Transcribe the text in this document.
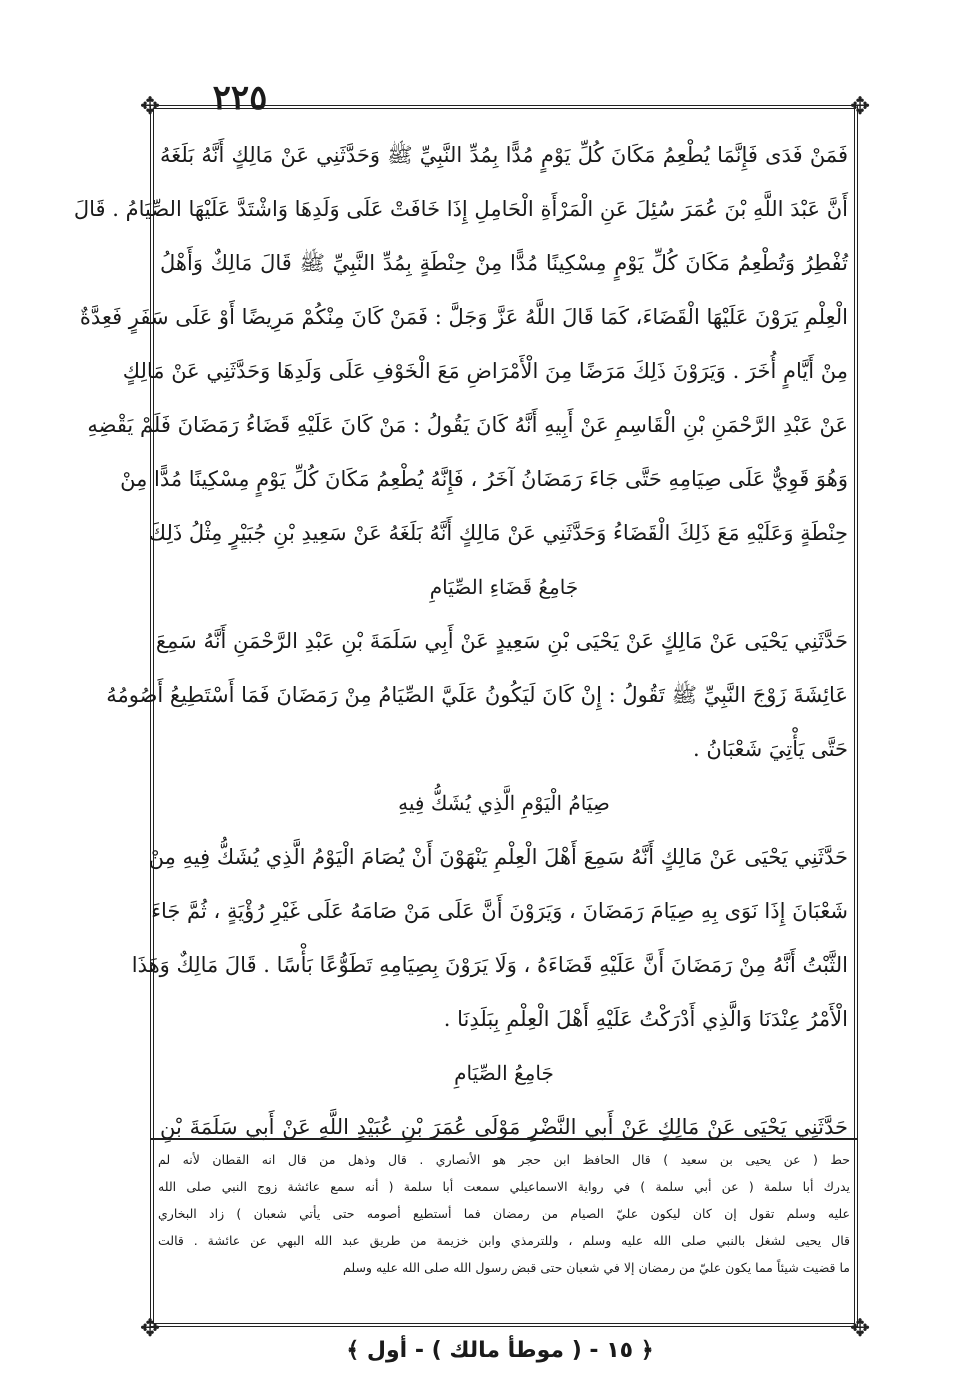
٢٢٥
✥	✥
✥	✥
فَمَنْ فَدَى فَإِنَّمَا يُطْعِمُ مَكَانَ كُلِّ يَوْمٍ مُدًّا بِمُدِّ النَّبِيِّ ﷺ وَحَدَّثَنِي عَنْ مَالِكٍ أَنَّهُ بَلَغَهُ
أَنَّ عَبْدَ اللَّهِ بْنَ عُمَرَ سُئِلَ عَنِ الْمَرْأَةِ الْحَامِلِ إِذَا خَافَتْ عَلَى وَلَدِهَا وَاشْتَدَّ عَلَيْهَا الصِّيَامُ . قَالَ
تُفْطِرُ وَتُطْعِمُ مَكَانَ كُلِّ يَوْمٍ مِسْكِينًا مُدًّا مِنْ حِنْطَةٍ بِمُدِّ النَّبِيِّ ﷺ قَالَ مَالِكٌ وَأَهْلُ
الْعِلْمِ يَرَوْنَ عَلَيْهَا الْقَضَاءَ، كَمَا قَالَ اللَّهُ عَزَّ وَجَلَّ : فَمَنْ كَانَ مِنْكُمْ مَرِيضًا أَوْ عَلَى سَفَرٍ فَعِدَّةٌ
مِنْ أَيَّامٍ أُخَرَ . وَيَرَوْنَ ذَلِكَ مَرَضًا مِنَ الْأَمْرَاضِ مَعَ الْخَوْفِ عَلَى وَلَدِهَا وَحَدَّثَنِي عَنْ مَالِكٍ
عَنْ عَبْدِ الرَّحْمَنِ بْنِ الْقَاسِمِ عَنْ أَبِيهِ أَنَّهُ كَانَ يَقُولُ : مَنْ كَانَ عَلَيْهِ قَضَاءُ رَمَضَانَ فَلَمْ يَقْضِهِ
وَهُوَ قَوِيٌّ عَلَى صِيَامِهِ حَتَّى جَاءَ رَمَضَانُ آخَرُ ، فَإِنَّهُ يُطْعِمُ مَكَانَ كُلِّ يَوْمٍ مِسْكِينًا مُدًّا مِنْ
حِنْطَةٍ وَعَلَيْهِ مَعَ ذَلِكَ الْقَضَاءُ وَحَدَّثَنِي عَنْ مَالِكٍ أَنَّهُ بَلَغَهُ عَنْ سَعِيدِ بْنِ جُبَيْرٍ مِثْلُ ذَلِكَ
جَامِعُ قَضَاءِ الصِّيَامِ
حَدَّثَنِي يَحْيَى عَنْ مَالِكٍ عَنْ يَحْيَى بْنِ سَعِيدٍ عَنْ أَبِي سَلَمَةَ بْنِ عَبْدِ الرَّحْمَنِ أَنَّهُ سَمِعَ
عَائِشَةَ زَوْجَ النَّبِيِّ ﷺ تَقُولُ : إِنْ كَانَ لَيَكُونُ عَلَيَّ الصِّيَامُ مِنْ رَمَضَانَ فَمَا أَسْتَطِيعُ أَصُومُهُ
حَتَّى يَأْتِيَ شَعْبَانُ .
صِيَامُ الْيَوْمِ الَّذِي يُشَكُّ فِيهِ
حَدَّثَنِي يَحْيَى عَنْ مَالِكٍ أَنَّهُ سَمِعَ أَهْلَ الْعِلْمِ يَنْهَوْنَ أَنْ يُصَامَ الْيَوْمُ الَّذِي يُشَكُّ فِيهِ مِنْ
شَعْبَانَ إِذَا نَوَى بِهِ صِيَامَ رَمَضَانَ ، وَيَرَوْنَ أَنَّ عَلَى مَنْ صَامَهُ عَلَى غَيْرِ رُؤْيَةٍ ، ثُمَّ جَاءَ
الثَّبْتُ أَنَّهُ مِنْ رَمَضَانَ أَنَّ عَلَيْهِ قَضَاءَهُ ، وَلَا يَرَوْنَ بِصِيَامِهِ تَطَوُّعًا بَأْسًا . قَالَ مَالِكٌ وَهَذَا
الْأَمْرُ عِنْدَنَا وَالَّذِي أَدْرَكْتُ عَلَيْهِ أَهْلَ الْعِلْمِ بِبَلَدِنَا .
جَامِعُ الصِّيَامِ
حَدَّثَنِي يَحْيَى عَنْ مَالِكٍ عَنْ أَبِي النَّضْرِ مَوْلَى عُمَرَ بْنِ عُبَيْدِ اللَّهِ عَنْ أَبِي سَلَمَةَ بْنِ
حط ( عن يحيى بن سعيد ) قال الحافظ ابن حجر هو الأنصاري . قال وذهل من قال انه القطان لأنه لم
يدرك أبا سلمة ( عن أبي سلمة ) في رواية الاسماعيلي سمعت أبا سلمة ( أنه سمع عائشة زوج النبي صلى الله
عليه وسلم تقول إن كان ليكون عليّ الصيام من رمضان فما أستطيع أصومه حتى يأتي شعبان ) زاد البخاري
قال يحيى لشغل بالنبي صلى الله عليه وسلم ، وللترمذي وابن خزيمة من طريق عبد الله البهي عن عائشة . قالت
ما قضيت شيئاً مما يكون عليّ من رمضان إلا في شعبان حتى قبض رسول الله صلى الله عليه وسلم
﴿ ١٥ - ( موطأ مالك ) - أول ﴾
